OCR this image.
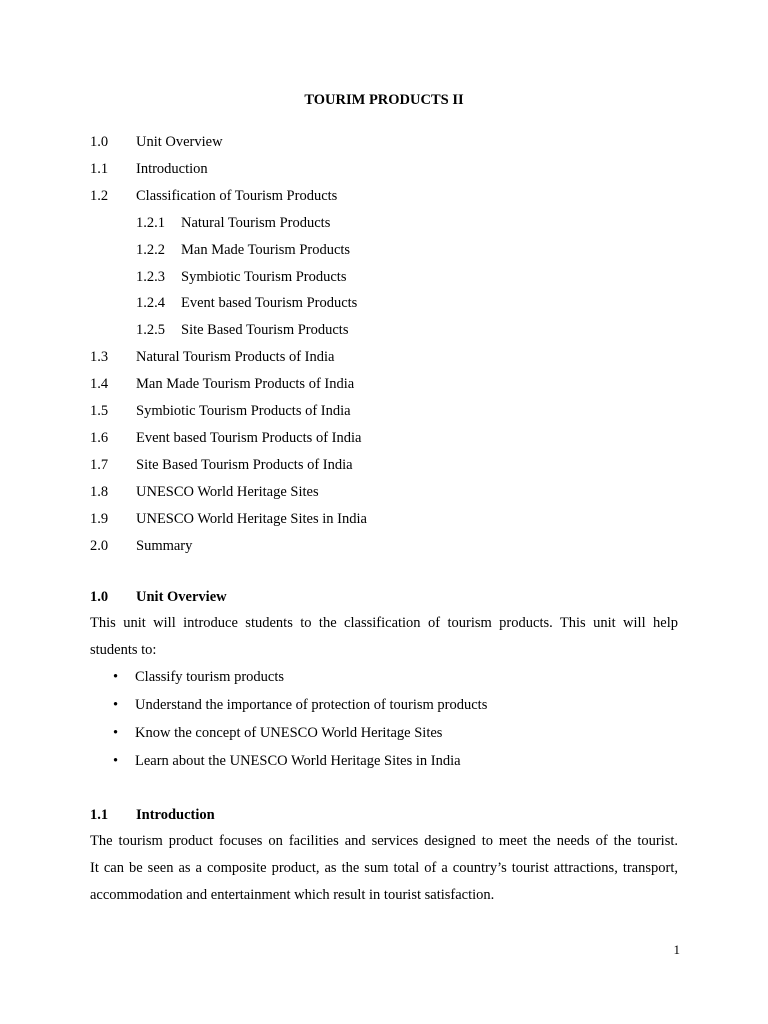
TOURIM PRODUCTS II
1.0 Unit Overview
1.1 Introduction
1.2 Classification of Tourism Products
1.2.1 Natural Tourism Products
1.2.2 Man Made Tourism Products
1.2.3 Symbiotic Tourism Products
1.2.4 Event based Tourism Products
1.2.5 Site Based Tourism Products
1.3 Natural Tourism Products of India
1.4 Man Made Tourism Products of India
1.5 Symbiotic Tourism Products of India
1.6 Event based Tourism Products of India
1.7 Site Based Tourism Products of India
1.8 UNESCO World Heritage Sites
1.9 UNESCO World Heritage Sites in India
2.0 Summary
1.0 Unit Overview
This unit will introduce students to the classification of tourism products. This unit will help
students to:
• Classify tourism products
• Understand the importance of protection of tourism products
• Know the concept of UNESCO World Heritage Sites
• Learn about the UNESCO World Heritage Sites in India
1.1 Introduction
The tourism product focuses on facilities and services designed to meet the needs of the tourist.
It can be seen as a composite product, as the sum total of a country’s tourist attractions, transport,
accommodation and entertainment which result in tourist satisfaction.
1
